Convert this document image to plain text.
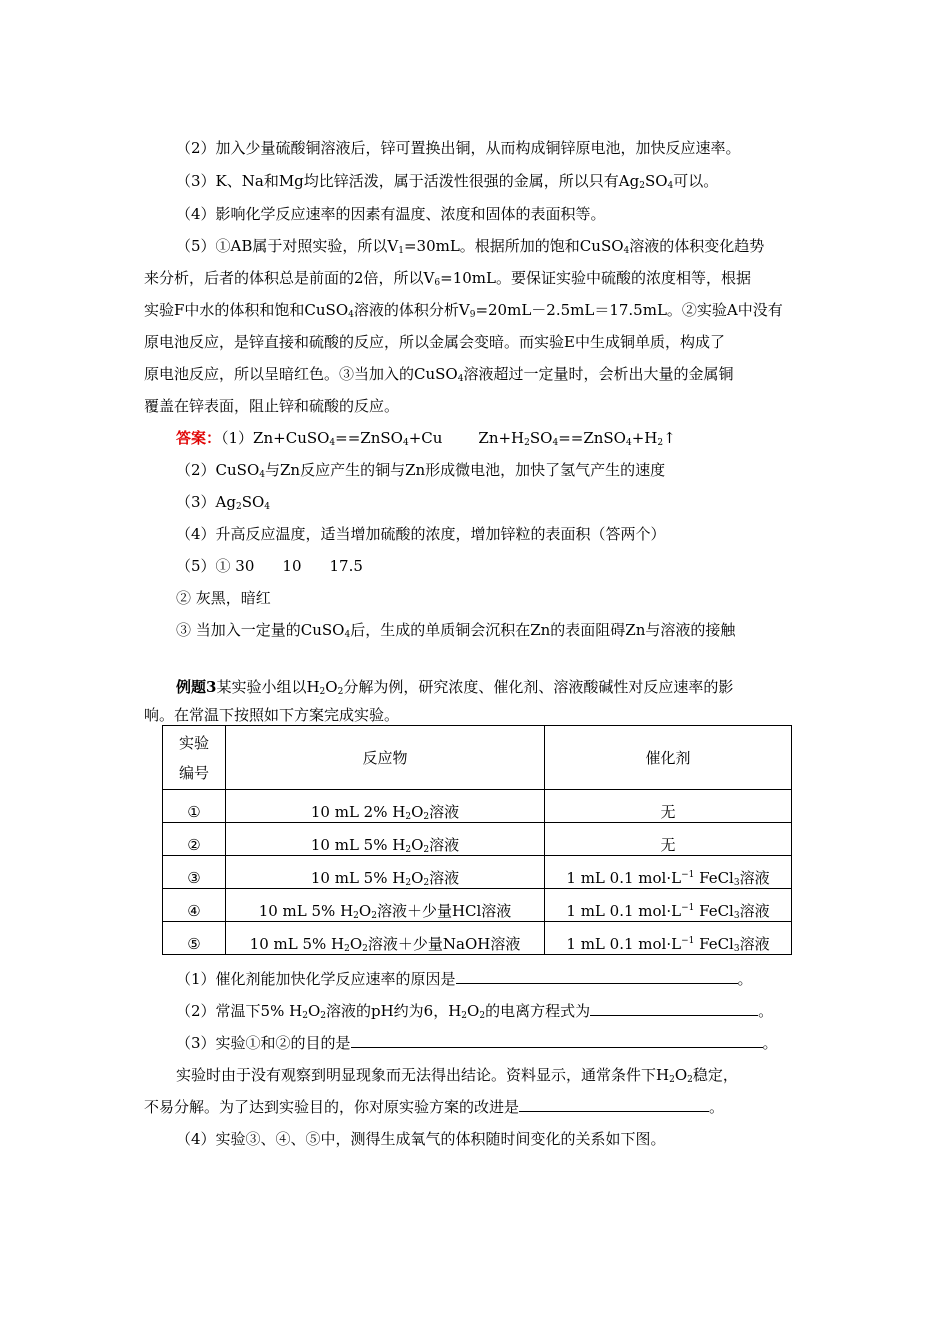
（2）加入少量硫酸铜溶液后，锌可置换出铜，从而构成铜锌原电池，加快反应速率。
（3）K、Na和Mg均比锌活泼，属于活泼性很强的金属，所以只有$Ag_2SO_4$可以。
（4）影响化学反应速率的因素有温度、浓度和固体的表面积等。
（5）①AB属于对照实验，所以$V_1=30mL$。根据所加的饱和CuSO$_4$溶液的体积变化趋势
来分析，后者的体积总是前面的2倍，所以$V_6=10mL$。要保证实验中硫酸的浓度相等，根据
实验F中水的体积和饱和CuSO$_4$溶液的体积分析$V_9=20mL-2.5mL=17.5mL$。②实验A中没有
原电池反应，是锌直接和硫酸的反应，所以金属会变暗。而实验E中生成铜单质，构成了
原电池反应，所以呈暗红色。③当加入的CuSO$_4$溶液超过一定量时，会析出大量的金属铜
覆盖在锌表面，阻止锌和硫酸的反应。
答案：（1）Zn+CuSO$_4$==ZnSO$_4$+Cu $Zn+H_2SO_4==ZnSO_4+H_2↑$
（2）CuSO$_4$与Zn反应产生的铜与Zn形成微电池，加快了氢气产生的速度
$(3)Ag_2SO_4$
（4）升高反应温度，适当增加硫酸的浓度，增加锌粒的表面积（答两个）
（5）① 30 10 17.5
② 灰黑，暗红
③ 当加入一定量的CuSO$_4$后，生成的单质铜会沉积在Zn的表面阻碍Zn与溶液的接触
例题3某实验小组以$H_2O_2$分解为例，研究浓度、催化剂、溶液酸碱性对反应速率的影
响。在常温下按照如下方案完成实验。
实验
编号	反应物	催化剂
①	10 mL 2% $H_2O_2$溶液	无
②	10 mL 5% $H_2O_2$溶液	无
③	10 mL 5% $H_2O_2$溶液	1 mL 0.1 $mol\cdot L^{-1}$ FeCl$_3$溶液
④	10 mL 5% $H_2O_2$溶液＋少量HCl溶液	1 mL 0.1 $mol\cdot L^{-1}$ FeCl$_3$溶液
⑤	10 mL 5% $H_2O_2$溶液＋少量NaOH溶液	1 mL 0.1 $mol\cdot L^{-1}$ FeCl$_3$溶液
（1）催化剂能加快化学反应速率的原因是	。
（2）常温下5% $H_2O_2$溶液的pH约为6，$H_2O_2$的电离方程式为	。
（3）实验①和②的目的是	。
实验时由于没有观察到明显现象而无法得出结论。资料显示，通常条件下$H_2O_2$稳定，
不易分解。为了达到实验目的，你对原实验方案的改进是	。
（4）实验③、④、⑤中，测得生成氧气的体积随时间变化的关系如下图。
